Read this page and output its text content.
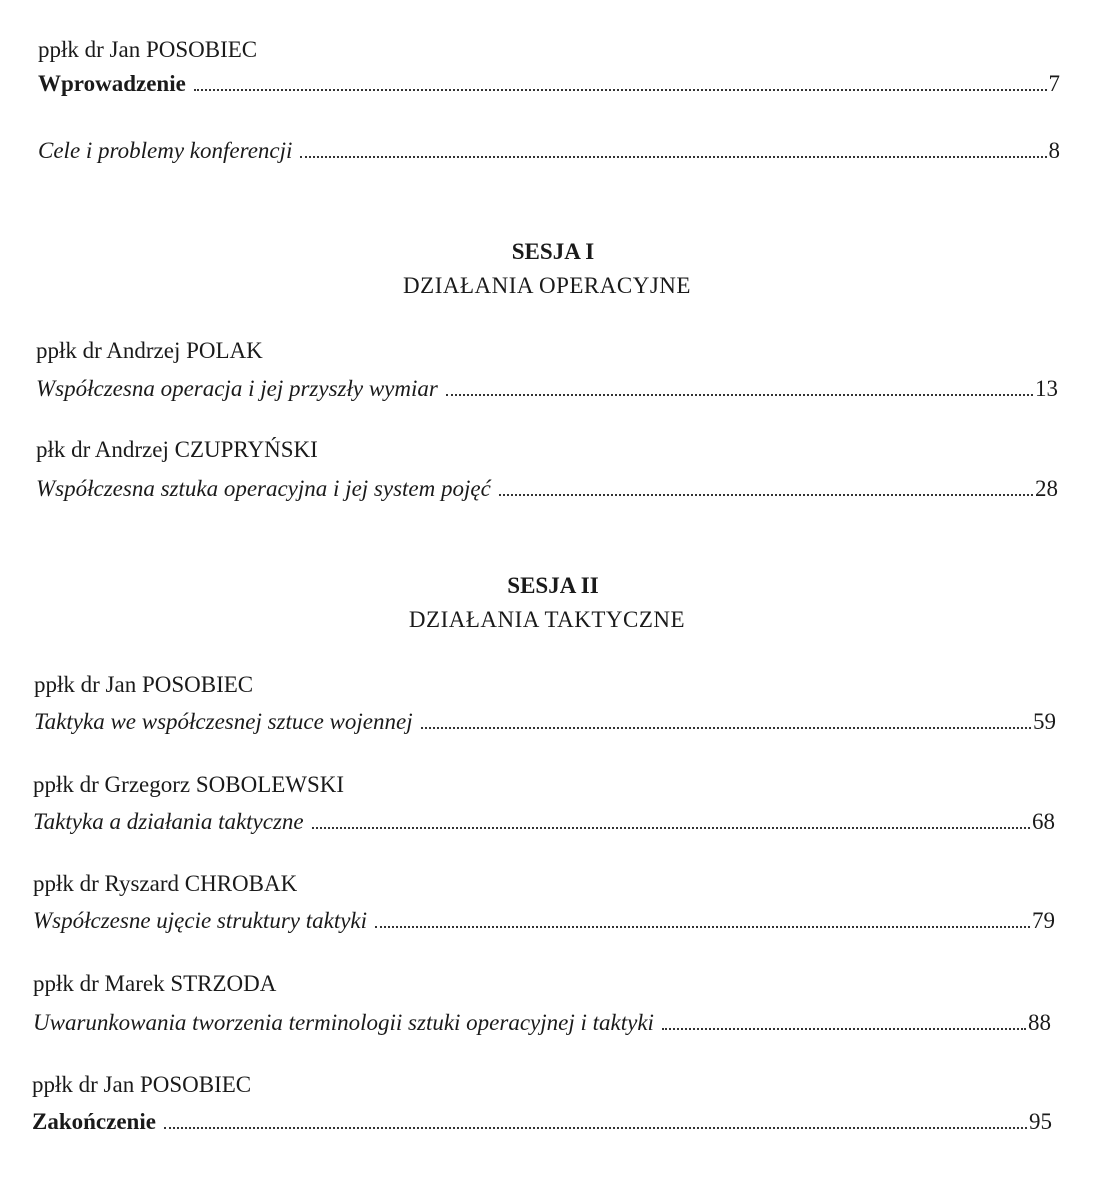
ppłk dr Jan POSOBIEC
Wprowadzenie	7
Cele i problemy konferencji	8
SESJA I
DZIAŁANIA OPERACYJNE
ppłk dr Andrzej POLAK
Współczesna operacja i jej przyszły wymiar	13
płk dr Andrzej CZUPRYŃSKI
Współczesna sztuka operacyjna i jej system pojęć	28
SESJA II
DZIAŁANIA TAKTYCZNE
ppłk dr Jan POSOBIEC
Taktyka we współczesnej sztuce wojennej	59
ppłk dr Grzegorz SOBOLEWSKI
Taktyka a działania taktyczne	68
ppłk dr Ryszard CHROBAK
Współczesne ujęcie struktury taktyki	79
ppłk dr Marek STRZODA
Uwarunkowania tworzenia terminologii sztuki operacyjnej i taktyki	88
ppłk dr Jan POSOBIEC
Zakończenie	95
